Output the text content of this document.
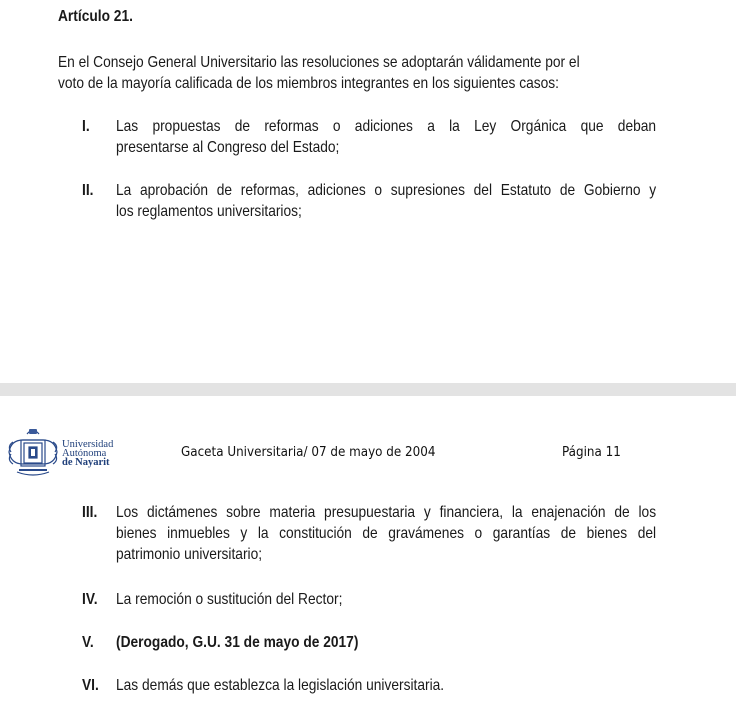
Artículo 21.
En el Consejo General Universitario las resoluciones se adoptarán válidamente por el
voto de la mayoría calificada de los miembros integrantes en los siguientes casos:
I. Las propuestas de reformas o adiciones a la Ley Orgánica que deban
presentarse al Congreso del Estado;
II. La aprobación de reformas, adiciones o supresiones del Estatuto de Gobierno y
los reglamentos universitarios;
Universidad
Autónoma
de Nayarit
Gaceta Universitaria/ 07 de mayo de 2004	Página 11
III. Los dictámenes sobre materia presupuestaria y financiera, la enajenación de los
bienes inmuebles y la constitución de gravámenes o garantías de bienes del
patrimonio universitario;
IV. La remoción o sustitución del Rector;
V. (Derogado, G.U. 31 de mayo de 2017)
VI. Las demás que establezca la legislación universitaria.
